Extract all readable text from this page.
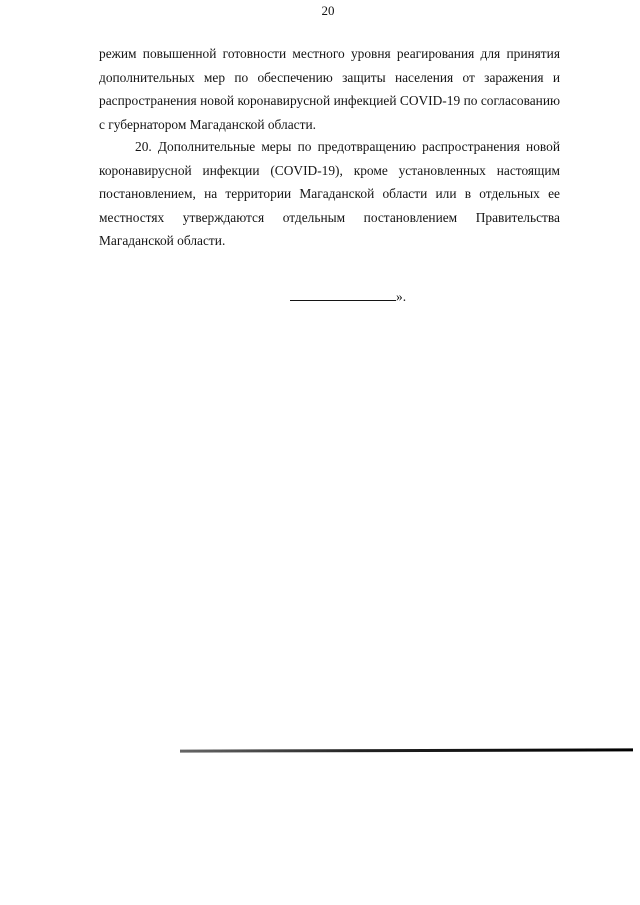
20

режим повышенной готовности местного уровня реагирования для принятия дополнительных мер по обеспечению защиты населения от заражения и распространения новой коронавирусной инфекцией COVID-19 по согласованию с губернатором Магаданской области.

20. Дополнительные меры по предотвращению распространения новой коронавирусной инфекции (COVID-19), кроме установленных настоящим постановлением, на территории Магаданской области или в отдельных ее местностях утверждаются отдельным постановлением Правительства Магаданской области.

».
